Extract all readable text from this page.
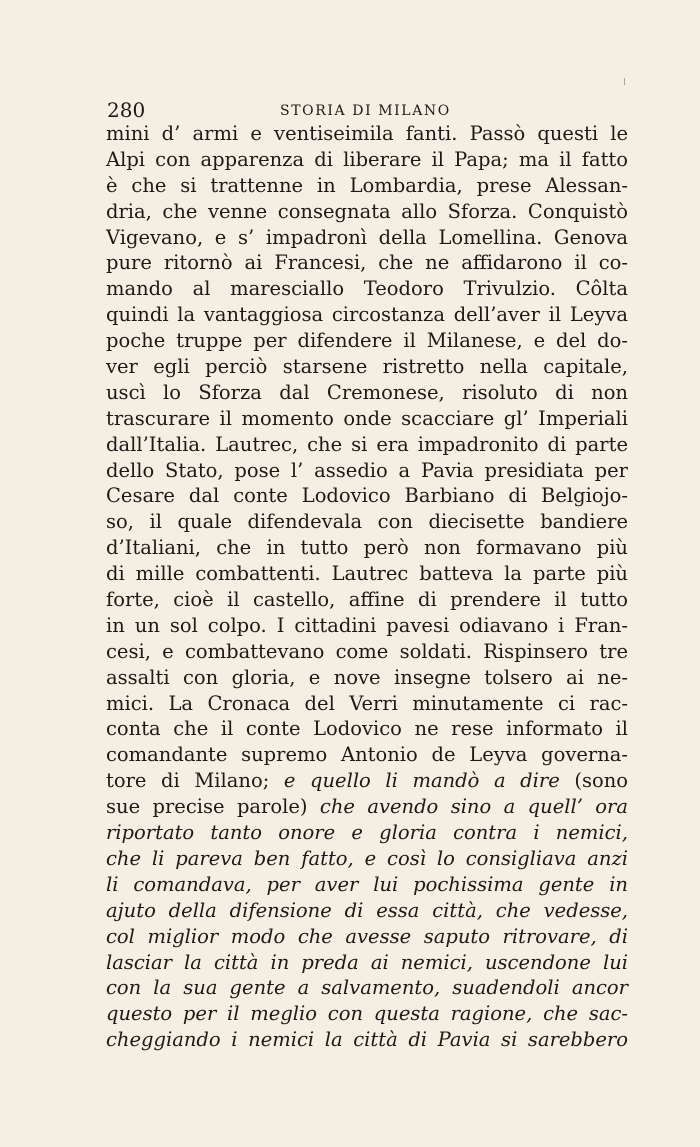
280	STORIA DI MILANO
mini d’ armi e ventiseimila fanti. Passò questi le
Alpi con apparenza di liberare il Papa; ma il fatto
è che si trattenne in Lombardia, prese Alessan-
dria, che venne consegnata allo Sforza. Conquistò
Vigevano, e s’ impadronì della Lomellina. Genova
pure ritornò ai Francesi, che ne affidarono il co-
mando al maresciallo Teodoro Trivulzio. Côlta
quindi la vantaggiosa circostanza dell’aver il Leyva
poche truppe per difendere il Milanese, e del do-
ver egli perciò starsene ristretto nella capitale,
uscì lo Sforza dal Cremonese, risoluto di non
trascurare il momento onde scacciare gl’ Imperiali
dall’Italia. Lautrec, che si era impadronito di parte
dello Stato, pose l’ assedio a Pavia presidiata per
Cesare dal conte Lodovico Barbiano di Belgiojo-
so, il quale difendevala con diecisette bandiere
d’Italiani, che in tutto però non formavano più
di mille combattenti. Lautrec batteva la parte più
forte, cioè il castello, affine di prendere il tutto
in un sol colpo. I cittadini pavesi odiavano i Fran-
cesi, e combattevano come soldati. Rispinsero tre
assalti con gloria, e nove insegne tolsero ai ne-
mici. La Cronaca del Verri minutamente ci rac-
conta che il conte Lodovico ne rese informato il
comandante supremo Antonio de Leyva governa-
tore di Milano; e quello li mandò a dire (sono
sue precise parole) che avendo sino a quell’ ora
riportato tanto onore e gloria contra i nemici,
che li pareva ben fatto, e così lo consigliava anzi
li comandava, per aver lui pochissima gente in
ajuto della difensione di essa città, che vedesse,
col miglior modo che avesse saputo ritrovare, di
lasciar la città in preda ai nemici, uscendone lui
con la sua gente a salvamento, suadendoli ancor
questo per il meglio con questa ragione, che sac-
cheggiando i nemici la città di Pavia si sarebbero
